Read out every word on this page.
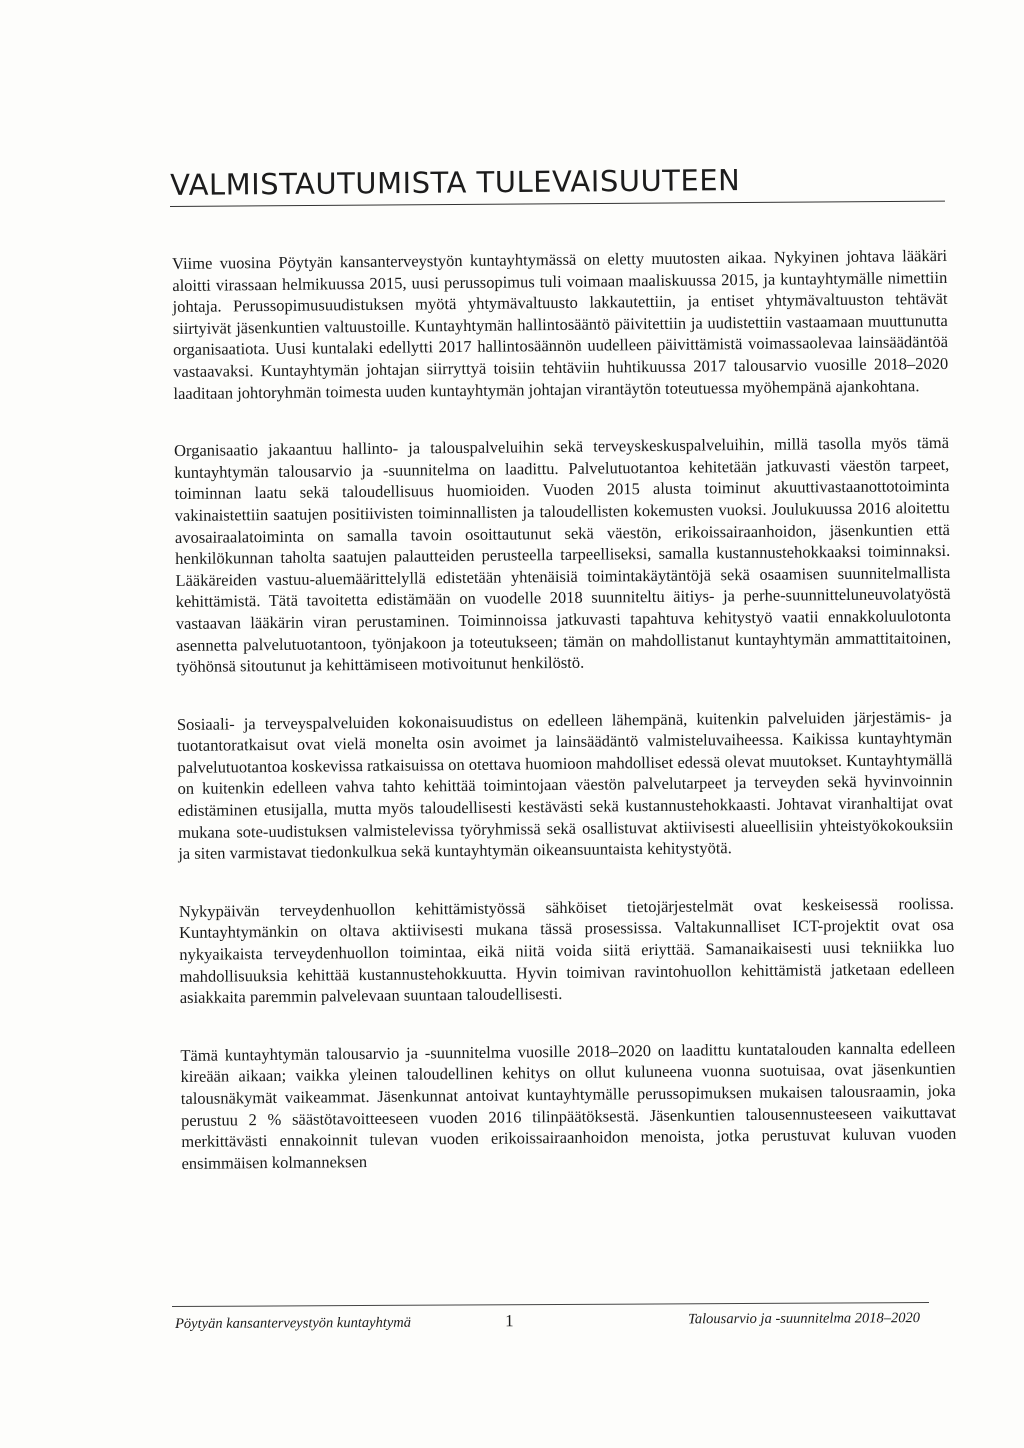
VALMISTAUTUMISTA TULEVAISUUTEEN

Viime vuosina Pöytyän kansanterveystyön kuntayhtymässä on eletty muutosten aikaa. Nykyinen johtava lääkäri aloitti virassaan helmikuussa 2015, uusi perussopimus tuli voimaan maaliskuussa 2015, ja kuntayhtymälle nimettiin johtaja. Perussopimusuudistuksen myötä yhtymävaltuusto lakkautettiin, ja entiset yhtymävaltuuston tehtävät siirtyivät jäsenkuntien valtuustoille. Kuntayhtymän hallintosääntö päivitettiin ja uudistettiin vastaamaan muuttunutta organisaatiota. Uusi kuntalaki edellytti 2017 hallintosäännön uudelleen päivittämistä voimassaolevaa lainsäädäntöä vastaavaksi. Kuntayhtymän johtajan siirryttyä toisiin tehtäviin huhtikuussa 2017 talousarvio vuosille 2018–2020 laaditaan johtoryhmän toimesta uuden kuntayhtymän johtajan virantäytön toteutuessa myöhempänä ajankohtana.

Organisaatio jakaantuu hallinto- ja talouspalveluihin sekä terveyskeskuspalveluihin, millä tasolla myös tämä kuntayhtymän talousarvio ja -suunnitelma on laadittu. Palvelutuotantoa kehitetään jatkuvasti väestön tarpeet, toiminnan laatu sekä taloudellisuus huomioiden. Vuoden 2015 alusta toiminut akuuttivastaanottotoiminta vakinaistettiin saatujen positiivisten toiminnallisten ja taloudellisten kokemusten vuoksi. Joulukuussa 2016 aloitettu avosairaalatoiminta on samalla tavoin osoittautunut sekä väestön, erikoissairaanhoidon, jäsenkuntien että henkilökunnan taholta saatujen palautteiden perusteella tarpeelliseksi, samalla kustannustehokkaaksi toiminnaksi. Lääkäreiden vastuu-aluemäärittelyllä edistetään yhtenäisiä toimintakäytäntöjä sekä osaamisen suunnitelmallista kehittämistä. Tätä tavoitetta edistämään on vuodelle 2018 suunniteltu äitiys- ja perhe-suunnitteluneuvolatyöstä vastaavan lääkärin viran perustaminen. Toiminnoissa jatkuvasti tapahtuva kehitystyö vaatii ennakkoluulotonta asennetta palvelutuotantoon, työnjakoon ja toteutukseen; tämän on mahdollistanut kuntayhtymän ammattitaitoinen, työhönsä sitoutunut ja kehittämiseen motivoitunut henkilöstö.

Sosiaali- ja terveyspalveluiden kokonaisuudistus on edelleen lähempänä, kuitenkin palveluiden järjestämis- ja tuotantoratkaisut ovat vielä monelta osin avoimet ja lainsäädäntö valmisteluvaiheessa. Kaikissa kuntayhtymän palvelutuotantoa koskevissa ratkaisuissa on otettava huomioon mahdolliset edessä olevat muutokset. Kuntayhtymällä on kuitenkin edelleen vahva tahto kehittää toimintojaan väestön palvelutarpeet ja terveyden sekä hyvinvoinnin edistäminen etusijalla, mutta myös taloudellisesti kestävästi sekä kustannustehokkaasti. Johtavat viranhaltijat ovat mukana sote-uudistuksen valmistelevissa työryhmissä sekä osallistuvat aktiivisesti alueellisiin yhteistyökokouksiin ja siten varmistavat tiedonkulkua sekä kuntayhtymän oikeansuuntaista kehitystyötä.

Nykypäivän terveydenhuollon kehittämistyössä sähköiset tietojärjestelmät ovat keskeisessä roolissa. Kuntayhtymänkin on oltava aktiivisesti mukana tässä prosessissa. Valtakunnalliset ICT-projektit ovat osa nykyaikaista terveydenhuollon toimintaa, eikä niitä voida siitä eriyttää. Samanaikaisesti uusi tekniikka luo mahdollisuuksia kehittää kustannustehokkuutta. Hyvin toimivan ravintohuollon kehittämistä jatketaan edelleen asiakkaita paremmin palvelevaan suuntaan taloudellisesti.

Tämä kuntayhtymän talousarvio ja -suunnitelma vuosille 2018–2020 on laadittu kuntatalouden kannalta edelleen kireään aikaan; vaikka yleinen taloudellinen kehitys on ollut kuluneena vuonna suotuisaa, ovat jäsenkuntien talousnäkymät vaikeammat. Jäsenkunnat antoivat kuntayhtymälle perussopimuksen mukaisen talousraamin, joka perustuu 2 % säästötavoitteeseen vuoden 2016 tilinpäätöksestä. Jäsenkuntien talousennusteeseen vaikuttavat merkittävästi ennakoinnit tulevan vuoden erikoissairaanhoidon menoista, jotka perustuvat kuluvan vuoden ensimmäisen kolmanneksen

Pöytyän kansanterveystyön kuntayhtymä	1	Talousarvio ja -suunnitelma 2018–2020
